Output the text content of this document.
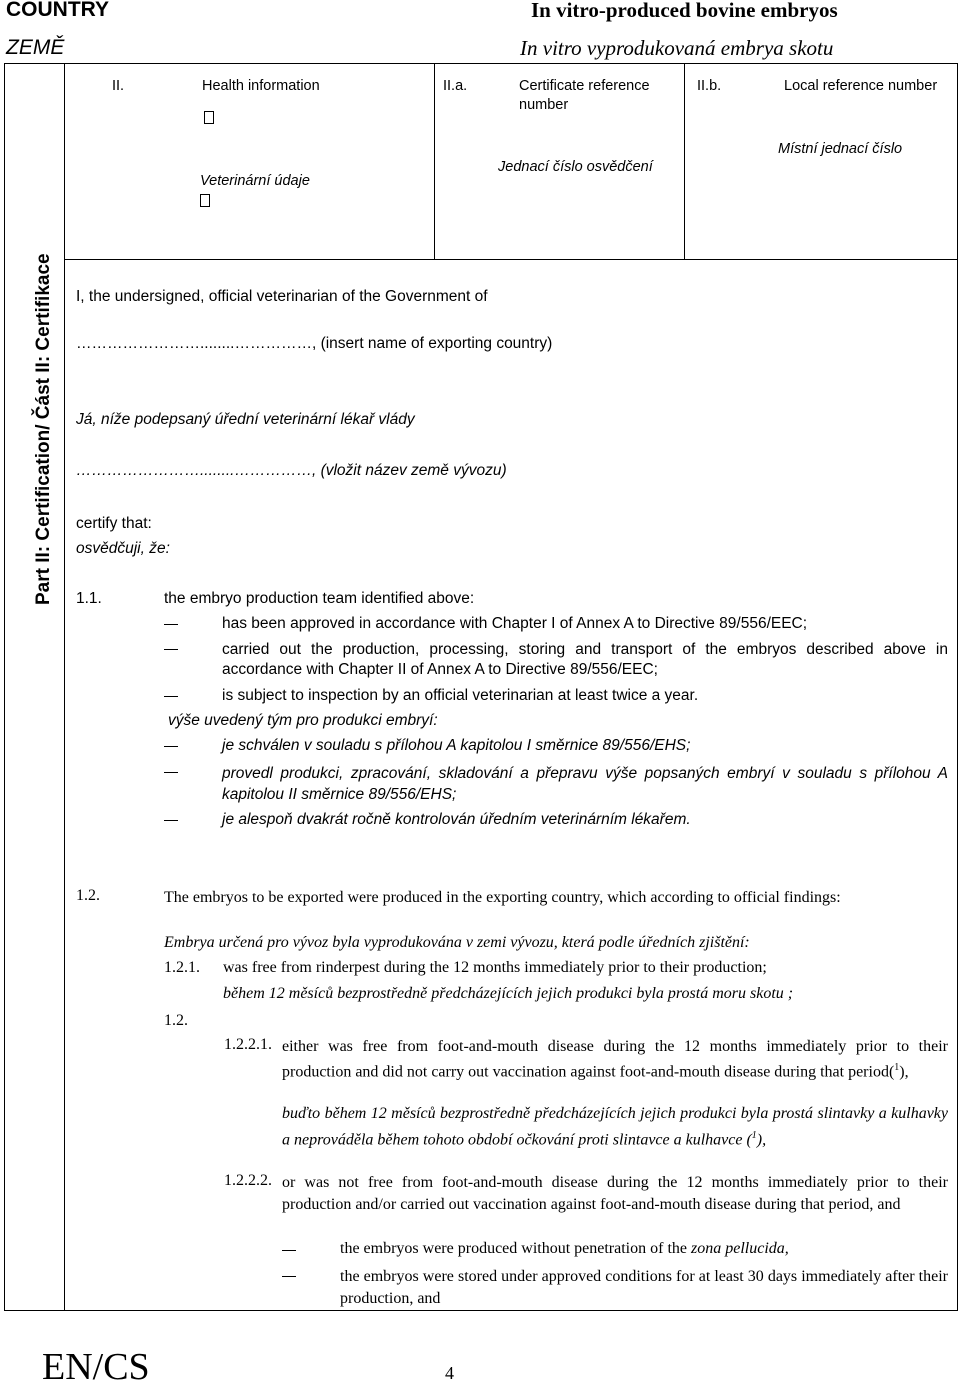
COUNTRY
ZEMĚ
In vitro-produced bovine embryos
In vitro vyprodukovaná embrya skotu
Part II: Certification/ Část II: Certifikace
II.	Health information
Veterinární údaje
II.a.	Certificate reference
number
Jednací číslo osvědčení
II.b.	Local reference number
Místní jednací číslo
I, the undersigned, official veterinarian of the Government of
……………………........……………, (insert name of exporting country)
Já, níže podepsaný úřední veterinární lékař vlády
……………………........……………, (vložit název země vývozu)
certify that:
osvědčuji, že:
1.1.	the embryo production team identified above:
has been approved in accordance with Chapter I of Annex A to Directive 89/556/EEC;
carried out the production, processing, storing and transport of the embryos described above in accordance with Chapter II of Annex A to Directive 89/556/EEC;
is subject to inspection by an official veterinarian at least twice a year.
výše uvedený tým pro produkci embryí:
je schválen v souladu s přílohou A kapitolou I směrnice 89/556/EHS;
provedl produkci, zpracování, skladování a přepravu výše popsaných embryí v souladu s přílohou A kapitolou II směrnice 89/556/EHS;
je alespoň dvakrát ročně kontrolován úředním veterinárním lékařem.
1.2.	The embryos to be exported were produced in the exporting country, which according to official findings:
Embrya určená pro vývoz byla vyprodukována v zemi vývozu, která podle úředních zjištění:
1.2.1. was free from rinderpest during the 12 months immediately prior to their production;
během 12 měsíců bezprostředně předcházejících jejich produkci byla prostá moru skotu ;
1.2.
1.2.2.1. either was free from foot-and-mouth disease during the 12 months immediately prior to their production and did not carry out vaccination against foot-and-mouth disease during that period($^1$),
buďto během 12 měsíců bezprostředně předcházejících jejich produkci byla prostá slintavky a kulhavky a neprováděla během tohoto období očkování proti slintavce a kulhavce ($^1$),
1.2.2.2. or was not free from foot-and-mouth disease during the 12 months immediately prior to their production and/or carried out vaccination against foot-and-mouth disease during that period, and
the embryos were produced without penetration of the zona pellucida,
the embryos were stored under approved conditions for at least 30 days immediately after their production, and
EN/CS	4
